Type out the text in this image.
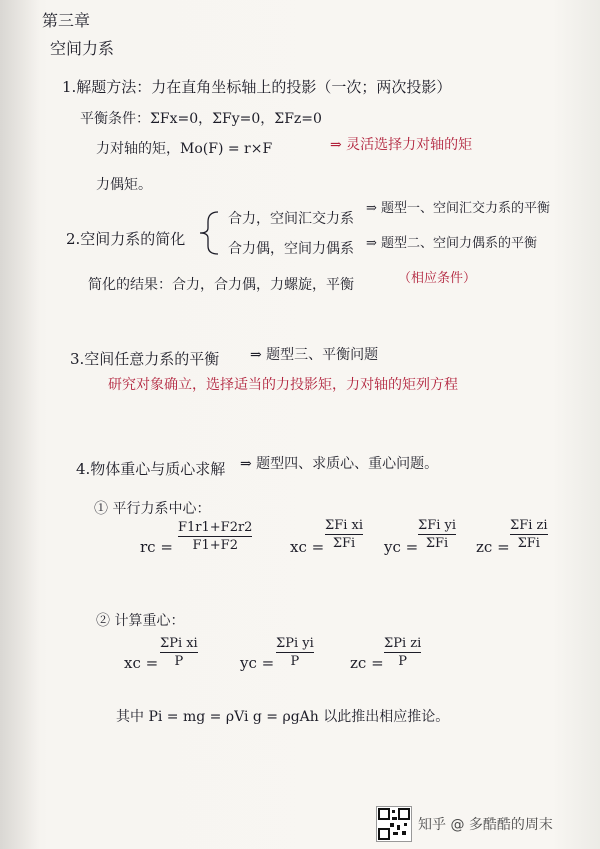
第三章
空间力系
1.解题方法：力在直角坐标轴上的投影（一次；两次投影）
平衡条件：ΣFx=0，ΣFy=0，ΣFz=0
力对轴的矩，Mo(F) = r×F	⇒ 灵活选择力对轴的矩
力偶矩。
2.空间力系的简化
合力，空间汇交力系
⇒ 题型一、空间汇交力系的平衡
合力偶，空间力偶系 ⇒ 题型二、空间力偶系的平衡
简化的结果：合力，合力偶，力螺旋，平衡	（相应条件）
3.空间任意力系的平衡 ⇒ 题型三、平衡问题
研究对象确立，选择适当的力投影矩，力对轴的矩列方程
4.物体重心与质心求解 ⇒ 题型四、求质心、重心问题。
① 平行力系中心：
rc =
F1r1+F2r2
F1+F2	xc =
ΣFi xi
ΣFi yc =
ΣFi yi
ΣFi zc =
ΣFi zi
ΣFi
② 计算重心：
xc =
ΣPi xi
P	yc =
ΣPi yi
P	zc =
ΣPi zi
P
其中 Pi = mg = ρVi g = ρgAh 以此推出相应推论。
知乎 @ 多酷酷的周末
